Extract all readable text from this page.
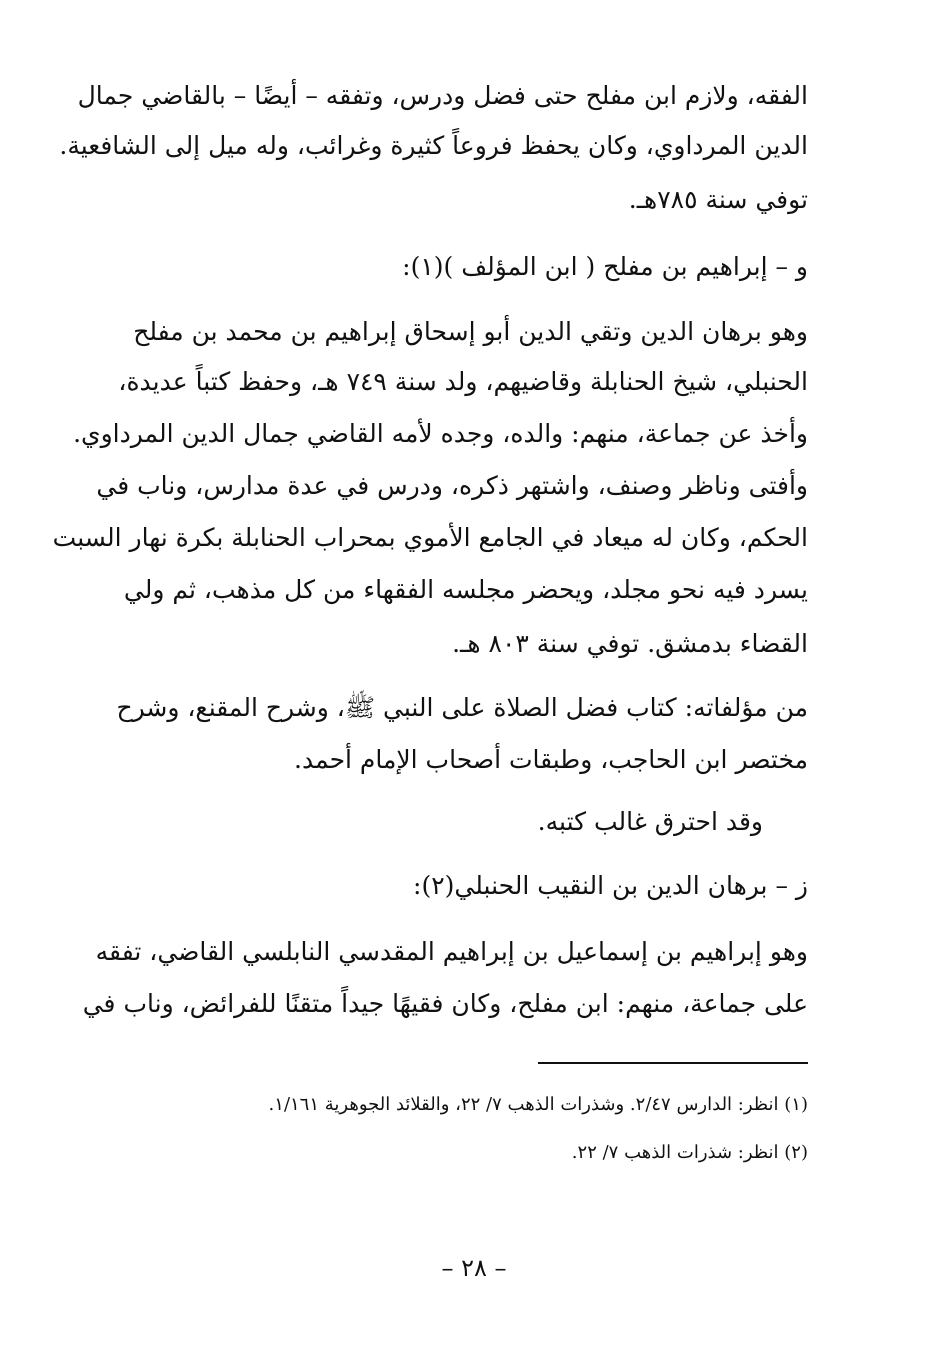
الفقه، ولازم ابن مفلح حتى فضل ودرس، وتفقه – أيضًا – بالقاضي جمال
الدين المرداوي، وكان يحفظ فروعاً كثيرة وغرائب، وله ميل إلى الشافعية.
توفي سنة ٧٨٥هـ.
و – إبراهيم بن مفلح ( ابن المؤلف )(١):
وهو برهان الدين وتقي الدين أبو إسحاق إبراهيم بن محمد بن مفلح
الحنبلي، شيخ الحنابلة وقاضيهم، ولد سنة ٧٤٩ هـ، وحفظ كتباً عديدة،
وأخذ عن جماعة، منهم: والده، وجده لأمه القاضي جمال الدين المرداوي.
وأفتى وناظر وصنف، واشتهر ذكره، ودرس في عدة مدارس، وناب في
الحكم، وكان له ميعاد في الجامع الأموي بمحراب الحنابلة بكرة نهار السبت
يسرد فيه نحو مجلد، ويحضر مجلسه الفقهاء من كل مذهب، ثم ولي
القضاء بدمشق. توفي سنة ٨٠٣ هـ.
من مؤلفاته: كتاب فضل الصلاة على النبي ﷺ، وشرح المقنع، وشرح
مختصر ابن الحاجب، وطبقات أصحاب الإمام أحمد.
وقد احترق غالب كتبه.
ز – برهان الدين بن النقيب الحنبلي(٢):
وهو إبراهيم بن إسماعيل بن إبراهيم المقدسي النابلسي القاضي، تفقه
على جماعة، منهم: ابن مفلح، وكان فقيهًا جيداً متقنًا للفرائض، وناب في
(١) انظر: الدارس ٢/٤٧. وشذرات الذهب ٧/ ٢٢، والقلائد الجوهرية ١/١٦١.
(٢) انظر: شذرات الذهب ٧/ ٢٢.
– ٢٨ –
